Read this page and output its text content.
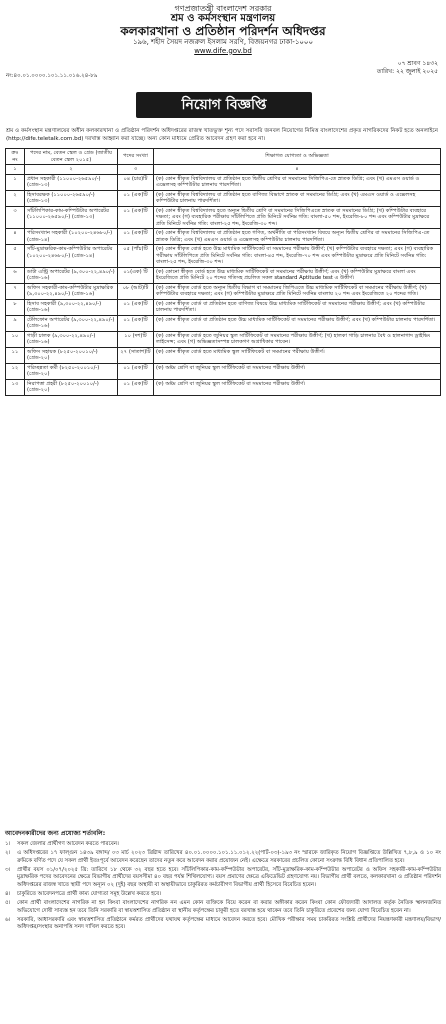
গণপ্রজাতন্ত্রী বাংলাদেশ সরকার
শ্রম ও কর্মসংস্থান মন্ত্রণালয়
কলকারখানা ও প্রতিষ্ঠান পরিদর্শন অধিদপ্তর
১৯৬, শহীদ সৈয়দ নজরুল ইসলাম সরণি, বিজয়নগর ঢাকা-১০০০
www.dife.gov.bd
০৭ শ্রাবণ ১৪৩২
তারিখ: ২২ জুলাই ২০২৫
নং:৪০.০১.০০০০.১০১.১১.০১৬.২৪-৮৯
নিয়োগ বিজ্ঞপ্তি
শ্রম ও কর্মসংস্থান মন্ত্রণালয়ের অধীন কলকারখানা ও প্রতিষ্ঠান পরিদর্শন অধিদপ্তরের রাজস্ব খাতভুক্ত শূন্য পদে সরাসরি জনবল নিয়োগের নিমিত্ত বাংলাদেশের প্রকৃত নাগরিকদের নিকট হতে অনলাইনে (http://dife.teletalk.com.bd) দরখাস্ত আহ্বান করা যাচ্ছে। অন্য কোন মাধ্যমে প্রেরিত আবেদন গ্রহণ করা হবে না।
ক্রঃ নং	পদের নাম, বেতন স্কেল ও গ্রেড (জাতীয় বেতন স্কেল ২০১৫)	পদের সংখ্যা	শিক্ষাগত যোগ্যতা ও অভিজ্ঞতা
১	২	৩	৪
১	প্রধান সহকারী (১১০০০-২৬৫৯০/-) (গ্রেড-১৩)	০৪ (চার)টি	(ক) কোন স্বীকৃত বিশ্ববিদ্যালয় বা প্রতিষ্ঠান হতে দ্বিতীয় শ্রেণির বা সমমানের সিজিপিএ-তে স্নাতক ডিগ্রি; এবং (খ) এমএস ওয়ার্ড ও এক্সেলসহ কম্পিউটার চালনায় পারদর্শিতা।
২	হিসাবরক্ষক (১১০০০-২৬৫৯০/-) (গ্রেড-১৩)	০১ (এক)টি	(ক) কোন স্বীকৃত বিশ্ববিদ্যালয় বা প্রতিষ্ঠান হতে বাণিজ্য বিভাগে স্নাতক বা সমমানের ডিগ্রি; এবং (খ) এমএস ওয়ার্ড ও এক্সেলসহ কম্পিউটার চালনায় পারদর্শিতা।
৩	সাঁটলিপিকার-কাম-কম্পিউটার অপারেটর (১১০০০-২৬৫৯০/-) (গ্রেড-১৩)	০১ (এক)টি	(ক) কোন স্বীকৃত বিশ্ববিদ্যালয় হতে অন্যূন দ্বিতীয় শ্রেণি বা সমমানের সিজিপিএতে স্নাতক বা সমমানের ডিগ্রি; (খ) কম্পিউটার ব্যবহারে দক্ষতা; এবং (গ) ব্যবহারিক পরীক্ষায় সাঁটলিপিতে প্রতি মিনিটে সর্বনিম্ন গতি: বাংলা-৫০ শব্দ, ইংরেজি-৮০ শব্দ এবং কম্পিউটার মুদ্রাক্ষরে প্রতি মিনিটে সর্বনিম্ন গতি: বাংলা-২৫ শব্দ, ইংরেজি-৩০ শব্দ।
৪	পরিসংখ্যান সহকারী (১০২০০-২৪৬৮০/-) (গ্রেড-১৪)	০১ (এক)টি	(ক) কোন স্বীকৃত বিশ্ববিদ্যালয় বা প্রতিষ্ঠান হতে গণিত, অর্থনীতি বা পরিসংখ্যান বিষয়ে অন্যূন দ্বিতীয় শ্রেণির বা সমমানের সিজিপিএ-তে স্নাতক ডিগ্রি; এবং (খ) এমএস ওয়ার্ড ও এক্সেলসহ কম্পিউটার চালনায় পারদর্শিতা।
৫	সাঁট-মুদ্রাক্ষরিক-কাম-কম্পিউটার অপারেটর (১০২০০-২৪৬৮০/-) (গ্রেড-১৪)	০৫ (পাঁচ)টি	(ক) কোন স্বীকৃত বোর্ড হতে উচ্চ মাধ্যমিক সার্টিফিকেট বা সমমানের পরীক্ষায় উত্তীর্ণ; (খ) কম্পিউটার ব্যবহারে দক্ষতা; এবং (গ) ব্যবহারিক পরীক্ষায় সাঁটলিপিতে প্রতি মিনিটে সর্বনিম্ন গতি: বাংলা-৪৫ শব্দ, ইংরেজি-৭০ শব্দ এবং কম্পিউটার মুদ্রাক্ষরে প্রতি মিনিটে সর্বনিম্ন গতি: বাংলা-২৫ শব্দ, ইংরেজি-৩০ শব্দ।
৬	ডাটা এন্ট্রি অপারেটর (৯,৩০০-২২,৪৯০/-) (গ্রেড-১৬)	০১(এক) টি	(ক) কোনো স্বীকৃত বোর্ড হতে উচ্চ মাধ্যমিক সার্টিফিকেট বা সমমানের পরীক্ষায় উত্তীর্ণ; এবং (খ) কম্পিউটার মুদ্রাক্ষরে বাংলা এবং ইংরেজিতে প্রতি মিনিটে ২০ শব্দের গতিসহ প্রচলিত সকল standard Aptitude test এ উত্তীর্ণ।
৭	অফিস সহকারী-কাম-কম্পিউটার মুদ্রাক্ষরিক (৯,৩০০-২২,৪৯০/-) (গ্রেড-১৬)	০৮ (আট)টি	(ক) কোন স্বীকৃত বোর্ড হতে অন্যূন দ্বিতীয় বিভাগ বা সমমানের জিপিএতে উচ্চ মাধ্যমিক সার্টিফিকেট বা সমমানের পরীক্ষায় উত্তীর্ণ; (খ) কম্পিউটার ব্যবহারে দক্ষতা; এবং (গ) কম্পিউটার মুদ্রাক্ষরে প্রতি মিনিটে সর্বনিম্ন বাংলায় ২০ শব্দ এবং ইংরেজিতে ২০ শব্দের গতি।
৮	হিসাব সহকারী (৯,৩০০-২২,৪৯০/-) (গ্রেড-১৬)	০১ (এক)টি	(ক) কোন স্বীকৃত বোর্ড বা প্রতিষ্ঠান হতে বাণিজ্য বিষয়ে উচ্চ মাধ্যমিক সার্টিফিকেট বা সমমানের পরীক্ষায় উত্তীর্ণ; এবং (খ) কম্পিউটার চালনায় পারদর্শিতা।
৯	টেলিফোন অপারেটর (৯,৩০০-২২,৪৯০/-) (গ্রেড-১৬)	০১ (এক)টি	(ক) কোন স্বীকৃত বোর্ড বা প্রতিষ্ঠান হতে উচ্চ মাধ্যমিক সার্টিফিকেট বা সমমানের পরীক্ষায় উত্তীর্ণ; এবং (খ) কম্পিউটার চালনায় পারদর্শিতা।
১০	গাড়ী চালক (৯,৩০০-২২,৪৯০/-) (গ্রেড-১৬)	১০ (দশ)টি	(ক) কোন স্বীকৃত বোর্ড হতে জুনিয়র স্কুল সার্টিফিকেট বা সমমানের পরীক্ষায় উত্তীর্ণ; (খ) হালকা গাড়ি চালনার বৈধ ও হালনাগাদ ড্রাইভিং লাইসেন্স; এবং (গ) অভিজ্ঞতাসম্পন্ন চালকগণ অগ্রাধিকার পাবেন।
১১	অফিস সহায়ক (৮২৫০-২০০১০/-) (গ্রেড-২০)	২৭ (সাতাশ)টি	(ক) কোন স্বীকৃত বোর্ড হতে মাধ্যমিক স্কুল সার্টিফিকেট বা সমমানের পরীক্ষায় উত্তীর্ণ।
১২	পরিচ্ছন্নতা কর্মী (৮২৫০-২০০১০/-) (গ্রেড-২০)	০১ (এক)টি	(ক) অষ্টম শ্রেণি বা জুনিয়র স্কুল সার্টিফিকেট বা সমমানের পরীক্ষায় উত্তীর্ণ।
১৩	নিরাপত্তা প্রহরী (৮২৫০-২০০১০/-) (গ্রেড-২০)	০১ (এক)টি	(ক) অষ্টম শ্রেণি বা জুনিয়র স্কুল সার্টিফিকেট বা সমমানের পরীক্ষায় উত্তীর্ণ।
আবেদনকারীদের জন্য প্রযোজ্য শর্তাবলি:
১।	সকল জেলার প্রার্থীগণ আবেদন করতে পারবেন।
২।	এ অধিদপ্তরের ১৭ ফাল্গুন ১৪৩৯ বঙ্গাব্দ/ ০৩ মার্চ ২০২৩ খ্রিষ্টাব্দ তারিখের ৪০.০১.০০০০.১০১.১১.০১২.২২(পার্ট-০৩)-১৯৩ নং স্মারকে জারিকৃত নিয়োগ বিজ্ঞপ্তিতে উল্লিখিত ৭,৮,৯ ও ১০ নং ক্রমিকে বর্ণিত পদে যে সকল প্রার্থী ইতঃপূর্বে আবেদন করেছেন তাদের নতুন করে আবেদন করার প্রয়োজন নেই। এক্ষেত্রে সরকারের প্রচলিত কোনো সংক্রান্ত বিধি বিধান প্রতিপালিত হবে।
৩।	প্রার্থীর বয়স ০১/০৭/২০২৫ খ্রি: তারিখে ১৮ থেকে ৩২ বছর হতে হবে। সাঁটলিপিকার-কাম-কম্পিউটার অপারেটর, সাঁট-মুদ্রাক্ষরিক-কাম-কম্পিউটার অপারেটর ও অফিস সহকারী-কাম-কম্পিউটার মুদ্রাক্ষরিক পদের আবেদনের ক্ষেত্রে বিভাগীয় প্রার্থীদের বয়সসীমা ৪০ বছর পর্যন্ত শিথিলযোগ্য। বয়স প্রমাণের ক্ষেত্রে এফিডেভিট গ্রহণযোগ্য নয়। বিভাগীয় প্রার্থী বলতে, কলকারখানা ও প্রতিষ্ঠান পরিদর্শন অধিদপ্তরের রাজস্ব খাতে স্থায়ী পদে অন্যূন ০২ (দুই) বছর অস্থায়ী বা অস্থায়ীভাবে চাকুরিরত কর্মচারীগণ বিভাগীয় প্রার্থী হিসেবে বিবেচিত হবেন।
৪।	চাকুরিতে আবেদনপত্রে প্রার্থী কাম্য যোগ্যতা সমূহ উল্লেখ করতে হবে।
৫।	কোন প্রার্থী বাংলাদেশের নাগরিক না হন কিংবা বাংলাদেশের নাগরিক নন এমন কোন ব্যক্তিকে বিয়ে করেন বা করার অঙ্গীকার করেন কিংবা কোন ফৌজদারী আদালত কর্তৃক নৈতিক স্খলনজনিত অভিযোগে দোষী সাব্যস্ত হন তবে তিনি সরকারি বা স্বায়ত্তশাসিত প্রতিষ্ঠান বা স্থানীয় কর্তৃপক্ষের চাকুরী হতে বরখাস্ত হয়ে থাকেন তবে তিনি চাকুরিতে প্রবেশের জন্য যোগ্য বিবেচিত হবেন না।
৬।	সরকারি, আধাসরকারি এবং স্বায়ত্তশাসিত প্রতিষ্ঠানে কর্মরত প্রার্থীদের যথাযথ কর্তৃপক্ষের মাধ্যমে আবেদন করতে হবে। মৌখিক পরীক্ষার সময় চাকরিরত সংশ্লিষ্ট প্রার্থীদের নিয়ন্ত্রণকারী মন্ত্রণালয়/বিভাগ/অধিদপ্তর/সংস্থার অনাপত্তি সনদ দাখিল করতে হবে।
